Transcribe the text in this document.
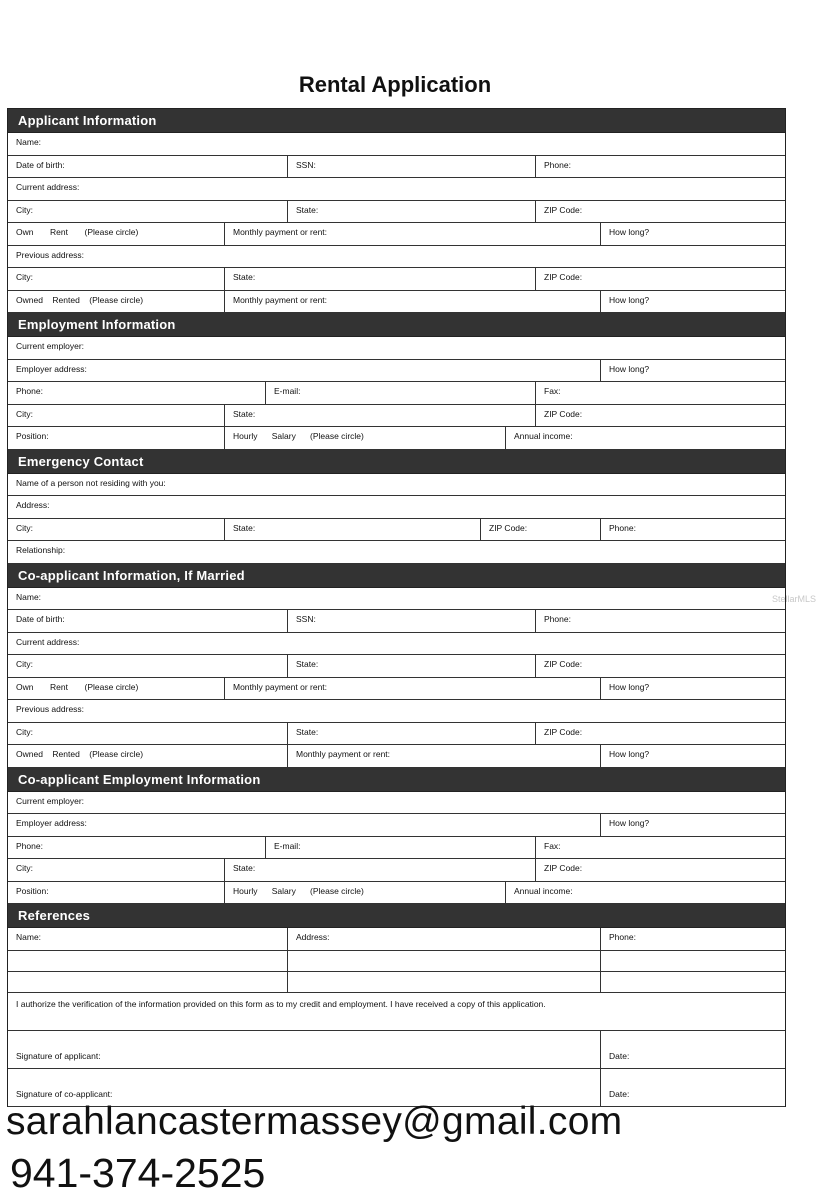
Rental Application
StellarMLS
Applicant Information
Name:
Date of birth:	SSN:	Phone:
Current address:
City:	State:	ZIP Code:
Own Rent (Please circle)	Monthly payment or rent:	How long?
Previous address:
City:	State:	ZIP Code:
Owned Rented (Please circle)	Monthly payment or rent:	How long?
Employment Information
Current employer:
Employer address:	How long?
Phone:	E-mail:	Fax:
City:	State:	ZIP Code:
Position:	Hourly Salary (Please circle)	Annual income:
Emergency Contact
Name of a person not residing with you:
Address:
City:	State:	ZIP Code:	Phone:
Relationship:
Co-applicant Information, If Married
Name:
Date of birth:	SSN:	Phone:
Current address:
City:	State:	ZIP Code:
Own Rent (Please circle)	Monthly payment or rent:	How long?
Previous address:
City:	State:	ZIP Code:
Owned Rented (Please circle)	Monthly payment or rent:	How long?
Co-applicant Employment Information
Current employer:
Employer address:	How long?
Phone:	E-mail:	Fax:
City:	State:	ZIP Code:
Position:	Hourly Salary (Please circle)	Annual income:
References
Name:	Address:	Phone:
I authorize the verification of the information provided on this form as to my credit and employment. I have received a copy of this application.
Signature of applicant:	Date:
Signature of co-applicant:	Date:
sarahlancastermassey@gmail.com
941-374-2525
